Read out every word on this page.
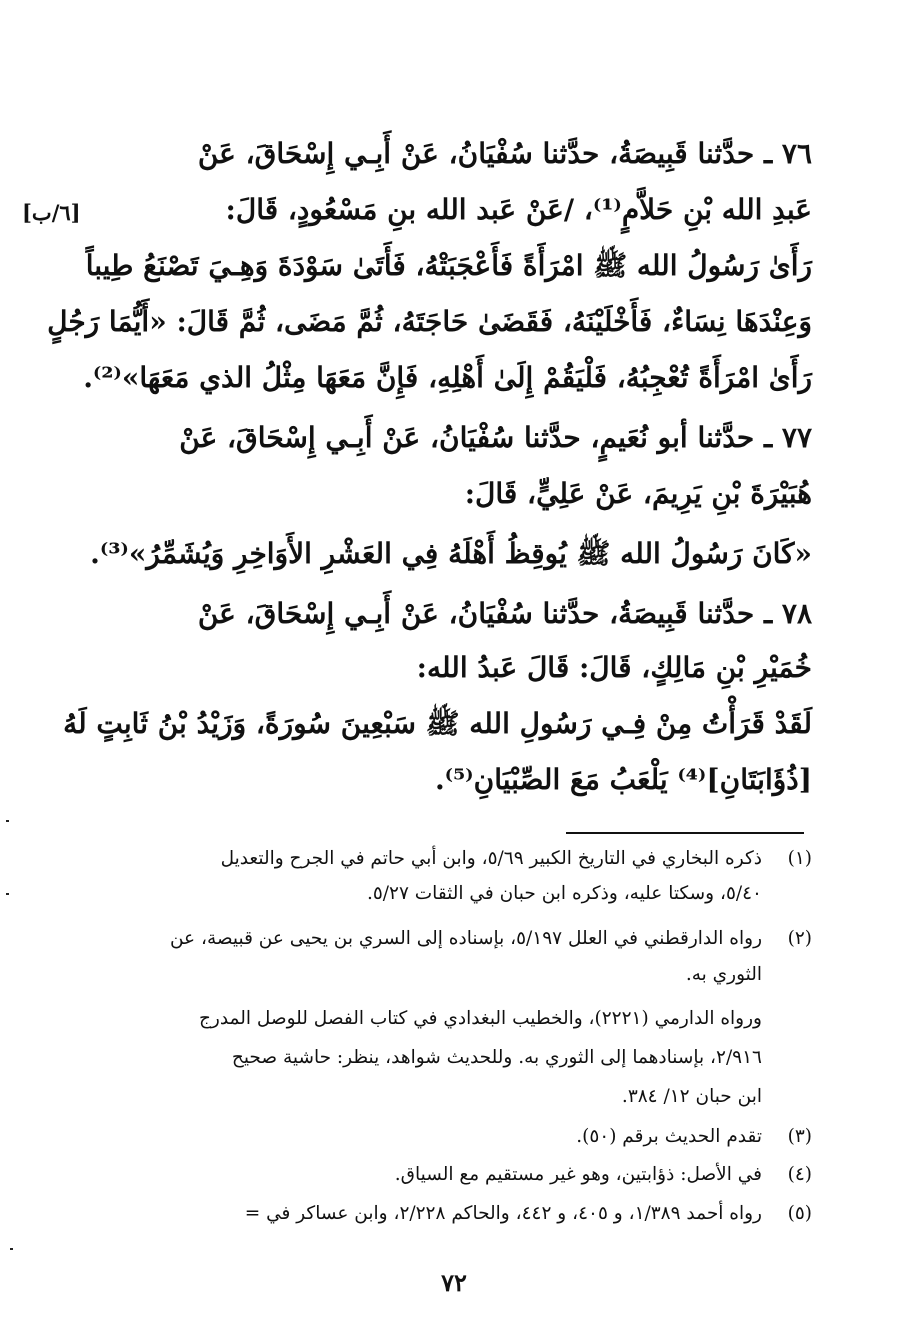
[٦/ب]
٧٦ ـ حدَّثنا قَبِيصَةُ، حدَّثنا سُفْيَانُ، عَنْ أَبِـي إِسْحَاقَ، عَنْ
عَبدِ الله بْنِ حَلاَّمٍ⁽¹⁾، /عَنْ عَبد الله بنِ مَسْعُودٍ، قَالَ:
رَأَىٰ رَسُولُ الله ﷺ امْرَأَةً فَأَعْجَبَتْهُ، فَأَتَىٰ سَوْدَةَ وَهِـيَ تَصْنَعُ طِيباً
وَعِنْدَهَا نِسَاءٌ، فَأَخْلَيْنَهُ، فَقَضَىٰ حَاجَتَهُ، ثُمَّ مَضَى، ثُمَّ قَالَ: «أَيُّمَا رَجُلٍ
رَأَىٰ امْرَأَةً تُعْجِبُهُ، فَلْيَقُمْ إِلَىٰ أَهْلِهِ، فَإِنَّ مَعَهَا مِثْلُ الذي مَعَهَا»⁽²⁾.
٧٧ ـ حدَّثنا أبو نُعَيمٍ، حدَّثنا سُفْيَانُ، عَنْ أَبِـي إِسْحَاقَ، عَنْ
هُبَيْرَةَ بْنِ يَرِيمَ، عَنْ عَلِيٍّ، قَالَ:
«كَانَ رَسُولُ الله ﷺ يُوقِظُ أَهْلَهُ فِي العَشْرِ الأَوَاخِرِ وَيُشَمِّرُ»⁽³⁾.
٧٨ ـ حدَّثنا قَبِيصَةُ، حدَّثنا سُفْيَانُ، عَنْ أَبِـي إِسْحَاقَ، عَنْ
خُمَيْرِ بْنِ مَالِكٍ، قَالَ: قَالَ عَبدُ الله:
لَقَدْ قَرَأْتُ مِنْ فِـي رَسُولِ الله ﷺ سَبْعِينَ سُورَةً، وَزَيْدُ بْنُ ثَابِتٍ لَهُ
[ذُؤَابَتَانِ]⁽⁴⁾ يَلْعَبُ مَعَ الصِّبْيَانِ⁽⁵⁾.
(١)
ذكره البخاري في التاريخ الكبير ٥/٦٩، وابن أبي حاتم في الجرح والتعديل
٥/٤٠، وسكتا عليه، وذكره ابن حبان في الثقات ٥/٢٧.
(٢)
رواه الدارقطني في العلل ٥/١٩٧، بإسناده إلى السري بن يحيى عن قبيصة، عن
الثوري به.
ورواه الدارمي (٢٢٢١)، والخطيب البغدادي في كتاب الفصل للوصل المدرج
٢/٩١٦، بإسنادهما إلى الثوري به. وللحديث شواهد، ينظر: حاشية صحيح
ابن حبان ١٢/ ٣٨٤.
(٣)
تقدم الحديث برقم (٥٠).
(٤)
في الأصل: ذؤابتين، وهو غير مستقيم مع السياق.
(٥)
رواه أحمد ١/٣٨٩، و ٤٠٥، و ٤٤٢، والحاكم ٢/٢٢٨، وابن عساكر في =
٧٢
